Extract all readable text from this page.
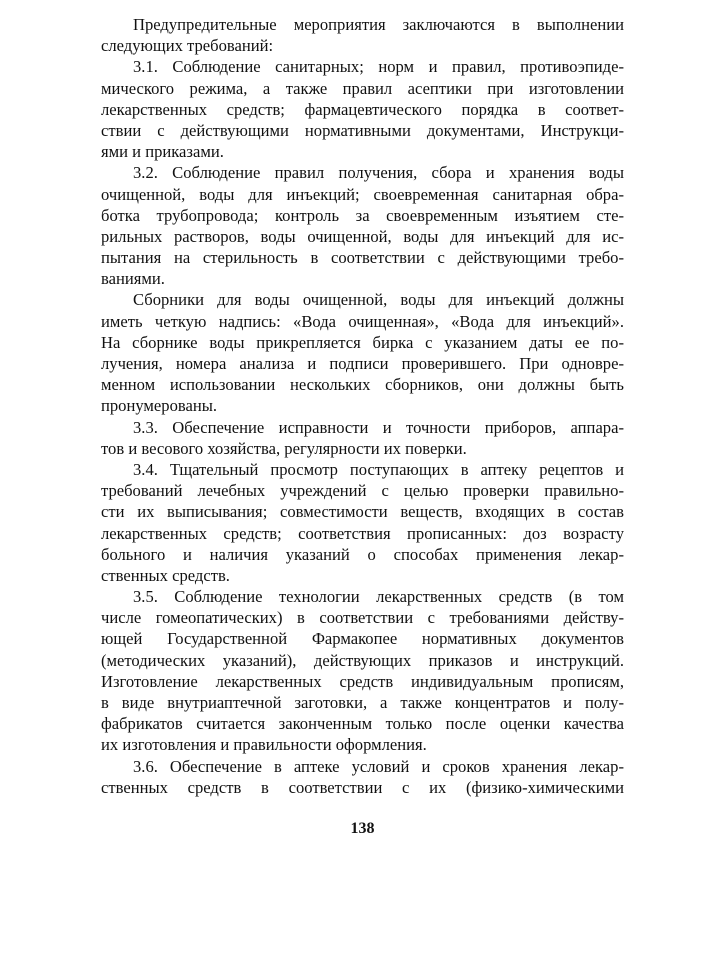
Предупредительные мероприятия заключаются в выполнении
следующих требований:
3.1. Соблюдение санитарных; норм и правил, противоэпиде-
мического режима, а также правил асептики при изготовлении
лекарственных средств; фармацевтического порядка в соответ-
ствии с действующими нормативными документами, Инструкци-
ями и приказами.
3.2. Соблюдение правил получения, сбора и хранения воды
очищенной, воды для инъекций; своевременная санитарная обра-
ботка трубопровода; контроль за своевременным изъятием сте-
рильных растворов, воды очищенной, воды для инъекций для ис-
пытания на стерильность в соответствии с действующими требо-
ваниями.
Сборники для воды очищенной, воды для инъекций должны
иметь четкую надпись: «Вода очищенная», «Вода для инъекций».
На сборнике воды прикрепляется бирка с указанием даты ее по-
лучения, номера анализа и подписи проверившего. При одновре-
менном использовании нескольких сборников, они должны быть
пронумерованы.
3.3. Обеспечение исправности и точности приборов, аппара-
тов и весового хозяйства, регулярности их поверки.
3.4. Тщательный просмотр поступающих в аптеку рецептов и
требований лечебных учреждений с целью проверки правильно-
сти их выписывания; совместимости веществ, входящих в состав
лекарственных средств; соответствия прописанных: доз возрасту
больного и наличия указаний о способах применения лекар-
ственных средств.
3.5. Соблюдение технологии лекарственных средств (в том
числе гомеопатических) в соответствии с требованиями действу-
ющей Государственной Фармакопее нормативных документов
(методических указаний), действующих приказов и инструкций.
Изготовление лекарственных средств индивидуальным прописям,
в виде внутриаптечной заготовки, а также концентратов и полу-
фабрикатов считается законченным только после оценки качества
их изготовления и правильности оформления.
3.6. Обеспечение в аптеке условий и сроков хранения лекар-
ственных средств в соответствии с их (физико-химическими
138
